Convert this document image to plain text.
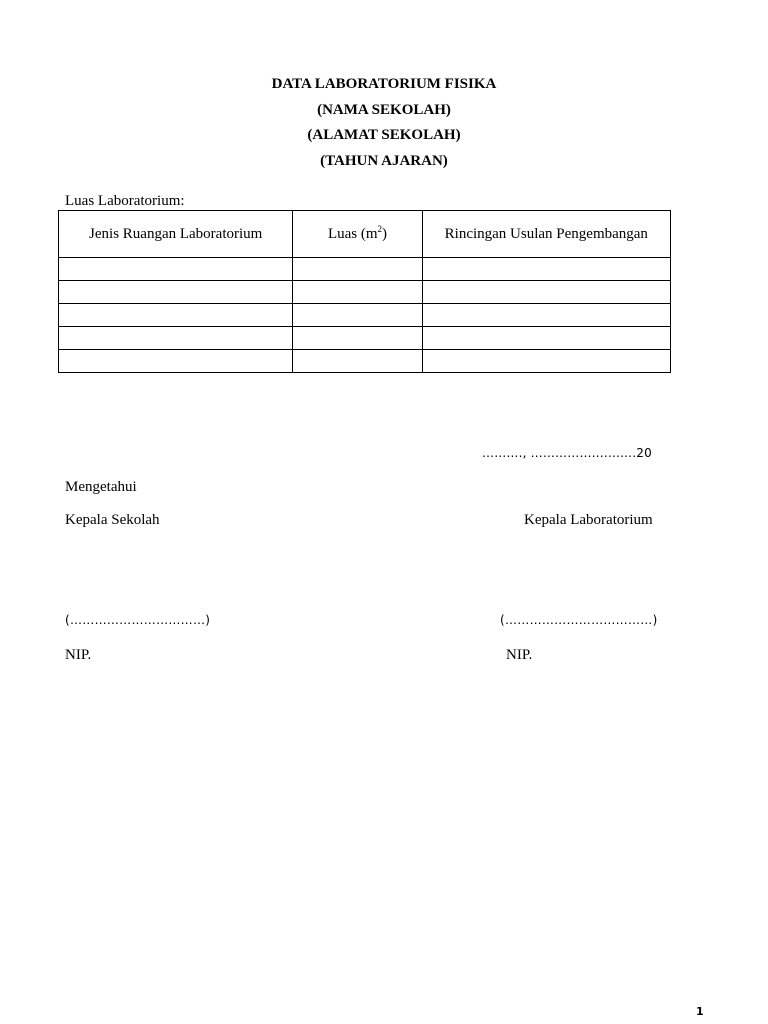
DATA LABORATORIUM FISIKA
(NAMA SEKOLAH)
(ALAMAT SEKOLAH)
(TAHUN AJARAN)
Luas Laboratorium:
Jenis Ruangan Laboratorium	Luas $(m^2)$	Rincingan Usulan Pengembangan

………., ……………….…….20
Mengetahui
Kepala Sekolah	Kepala Laboratorium
(……………………………)	(………………………………)
NIP.	NIP.
1
